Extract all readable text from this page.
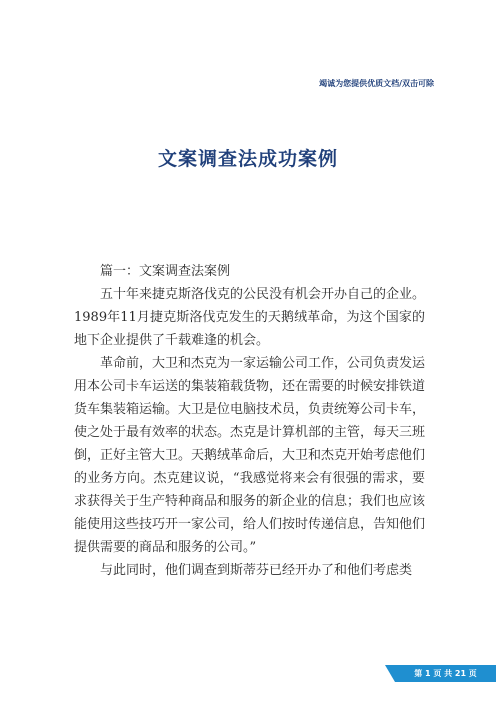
竭诚为您提供优质文档/双击可除
文案调查法成功案例

篇一：文案调查法案例

五十年来捷克斯洛伐克的公民没有机会开办自己的企业。1989年11月捷克斯洛伐克发生的天鹅绒革命，为这个国家的地下企业提供了千载难逢的机会。

革命前，大卫和杰克为一家运输公司工作，公司负责发运用本公司卡车运送的集装箱载货物，还在需要的时候安排铁道货车集装箱运输。大卫是位电脑技术员，负责统筹公司卡车，使之处于最有效率的状态。杰克是计算机部的主管，每天三班倒，正好主管大卫。天鹅绒革命后，大卫和杰克开始考虑他们的业务方向。杰克建议说，“我感觉将来会有很强的需求，要求获得关于生产特种商品和服务的新企业的信息；我们也应该能使用这些技巧开一家公司，给人们按时传递信息，告知他们提供需要的商品和服务的公司。”

与此同时，他们调查到斯蒂芬已经开办了和他们考虑类

第 1 页 共 21 页
